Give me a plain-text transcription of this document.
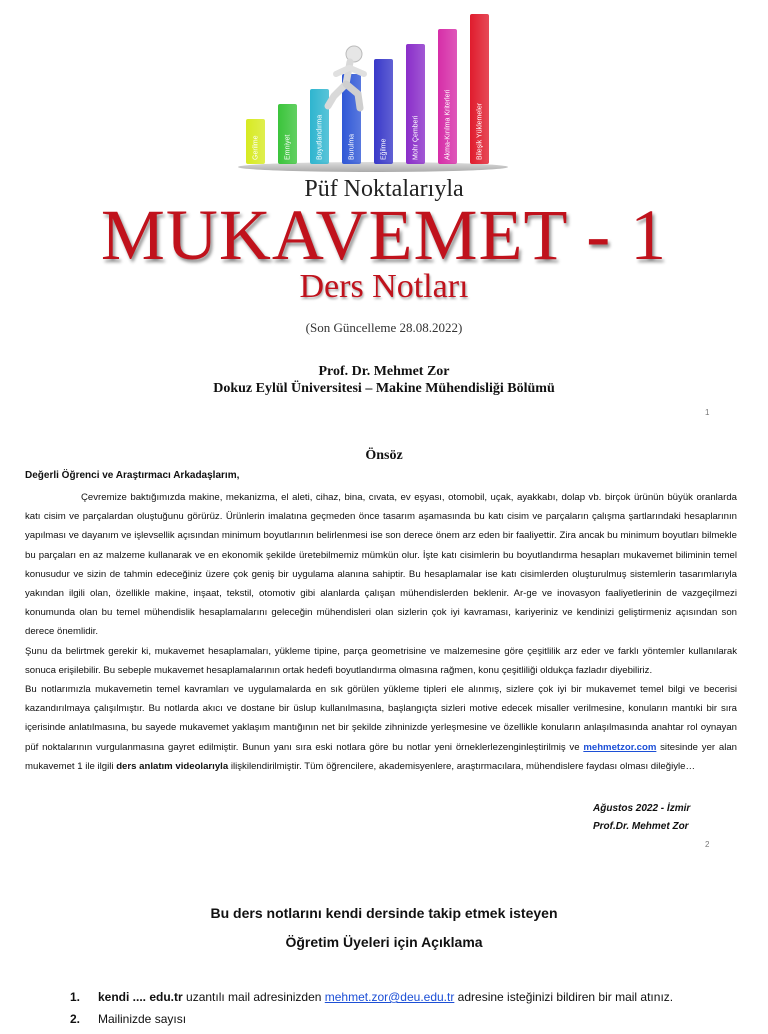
Gerilme	Emniyet	Boyutlandırma	Burulma	Eğilme	Mohr Çemberi	Akma-Kırılma Kriterleri	Bileşik Yüklemeler
Püf Noktalarıyla
MUKAVEMET - 1
Ders Notları
(Son Güncelleme 28.08.2022)
Prof. Dr. Mehmet Zor
Dokuz Eylül Üniversitesi – Makine Mühendisliği Bölümü
1
Önsöz
Değerli Öğrenci ve Araştırmacı Arkadaşlarım,

Çevremize baktığımızda makine, mekanizma, el aleti, cihaz, bina, cıvata, ev eşyası, otomobil, uçak, ayakkabı, dolap vb. birçok ürünün büyük oranlarda katı cisim ve parçalardan oluştuğunu görürüz. Ürünlerin imalatına geçmeden önce tasarım aşamasında bu katı cisim ve parçaların çalışma şartlarındaki hesaplarının yapılması ve dayanım ve işlevsellik açısından minimum boyutlarının belirlenmesi ise son derece önem arz eden bir faaliyettir. Zira ancak bu minimum boyutları bilmekle bu parçaları en az malzeme kullanarak ve en ekonomik şekilde üretebilmemiz mümkün olur. İşte katı cisimlerin bu boyutlandırma hesapları mukavemet biliminin temel konusudur ve sizin de tahmin edeceğiniz üzere çok geniş bir uygulama alanına sahiptir. Bu hesaplamalar ise katı cisimlerden oluşturulmuş sistemlerin tasarımlarıyla yakından ilgili olan, özellikle makine, inşaat, tekstil, otomotiv gibi alanlarda çalışan mühendislerden beklenir. Ar-ge ve inovasyon faaliyetlerinin de vazgeçilmezi konumunda olan bu temel mühendislik hesaplamalarını geleceğin mühendisleri olan sizlerin çok iyi kavraması, kariyeriniz ve kendinizi geliştirmeniz açısından son derece önemlidir.

Şunu da belirtmek gerekir ki, mukavemet hesaplamaları, yükleme tipine, parça geometrisine ve malzemesine göre çeşitlilik arz eder ve farklı yöntemler kullanılarak sonuca erişilebilir. Bu sebeple mukavemet hesaplamalarının ortak hedefi boyutlandırma olmasına rağmen, konu çeşitliliği oldukça fazladır diyebiliriz.

Bu notlarımızla mukavemetin temel kavramları ve uygulamalarda en sık görülen yükleme tipleri ele alınmış, sizlere çok iyi bir mukavemet temel bilgi ve becerisi kazandırılmaya çalışılmıştır. Bu notlarda akıcı ve dostane bir üslup kullanılmasına, başlangıçta sizleri motive edecek misaller verilmesine, konuların mantıki bir sıra içerisinde anlatılmasına, bu sayede mukavemet yaklaşım mantığının net bir şekilde zihninizde yerleşmesine ve özellikle konuların anlaşılmasında anahtar rol oynayan püf noktalarının vurgulanmasına gayret edilmiştir. Bunun yanı sıra eski notlara göre bu notlar yeni örneklerlezenginleştirilmiş ve mehmetzor.com sitesinde yer alan mukavemet 1 ile ilgili ders anlatım videolarıyla ilişkilendirilmiştir. Tüm öğrencilere, akademisyenlere, araştırmacılara, mühendislere faydası olması dileğiyle…

Ağustos 2022 - İzmir
Prof.Dr. Mehmet Zor
2
Bu ders notlarını kendi dersinde takip etmek isteyen
Öğretim Üyeleri için Açıklama
1. kendi .... edu.tr uzantılı mail adresinizden mehmet.zor@deu.edu.tr adresine isteğinizi bildiren bir mail atınız.
2. Mailinizde sayısı
